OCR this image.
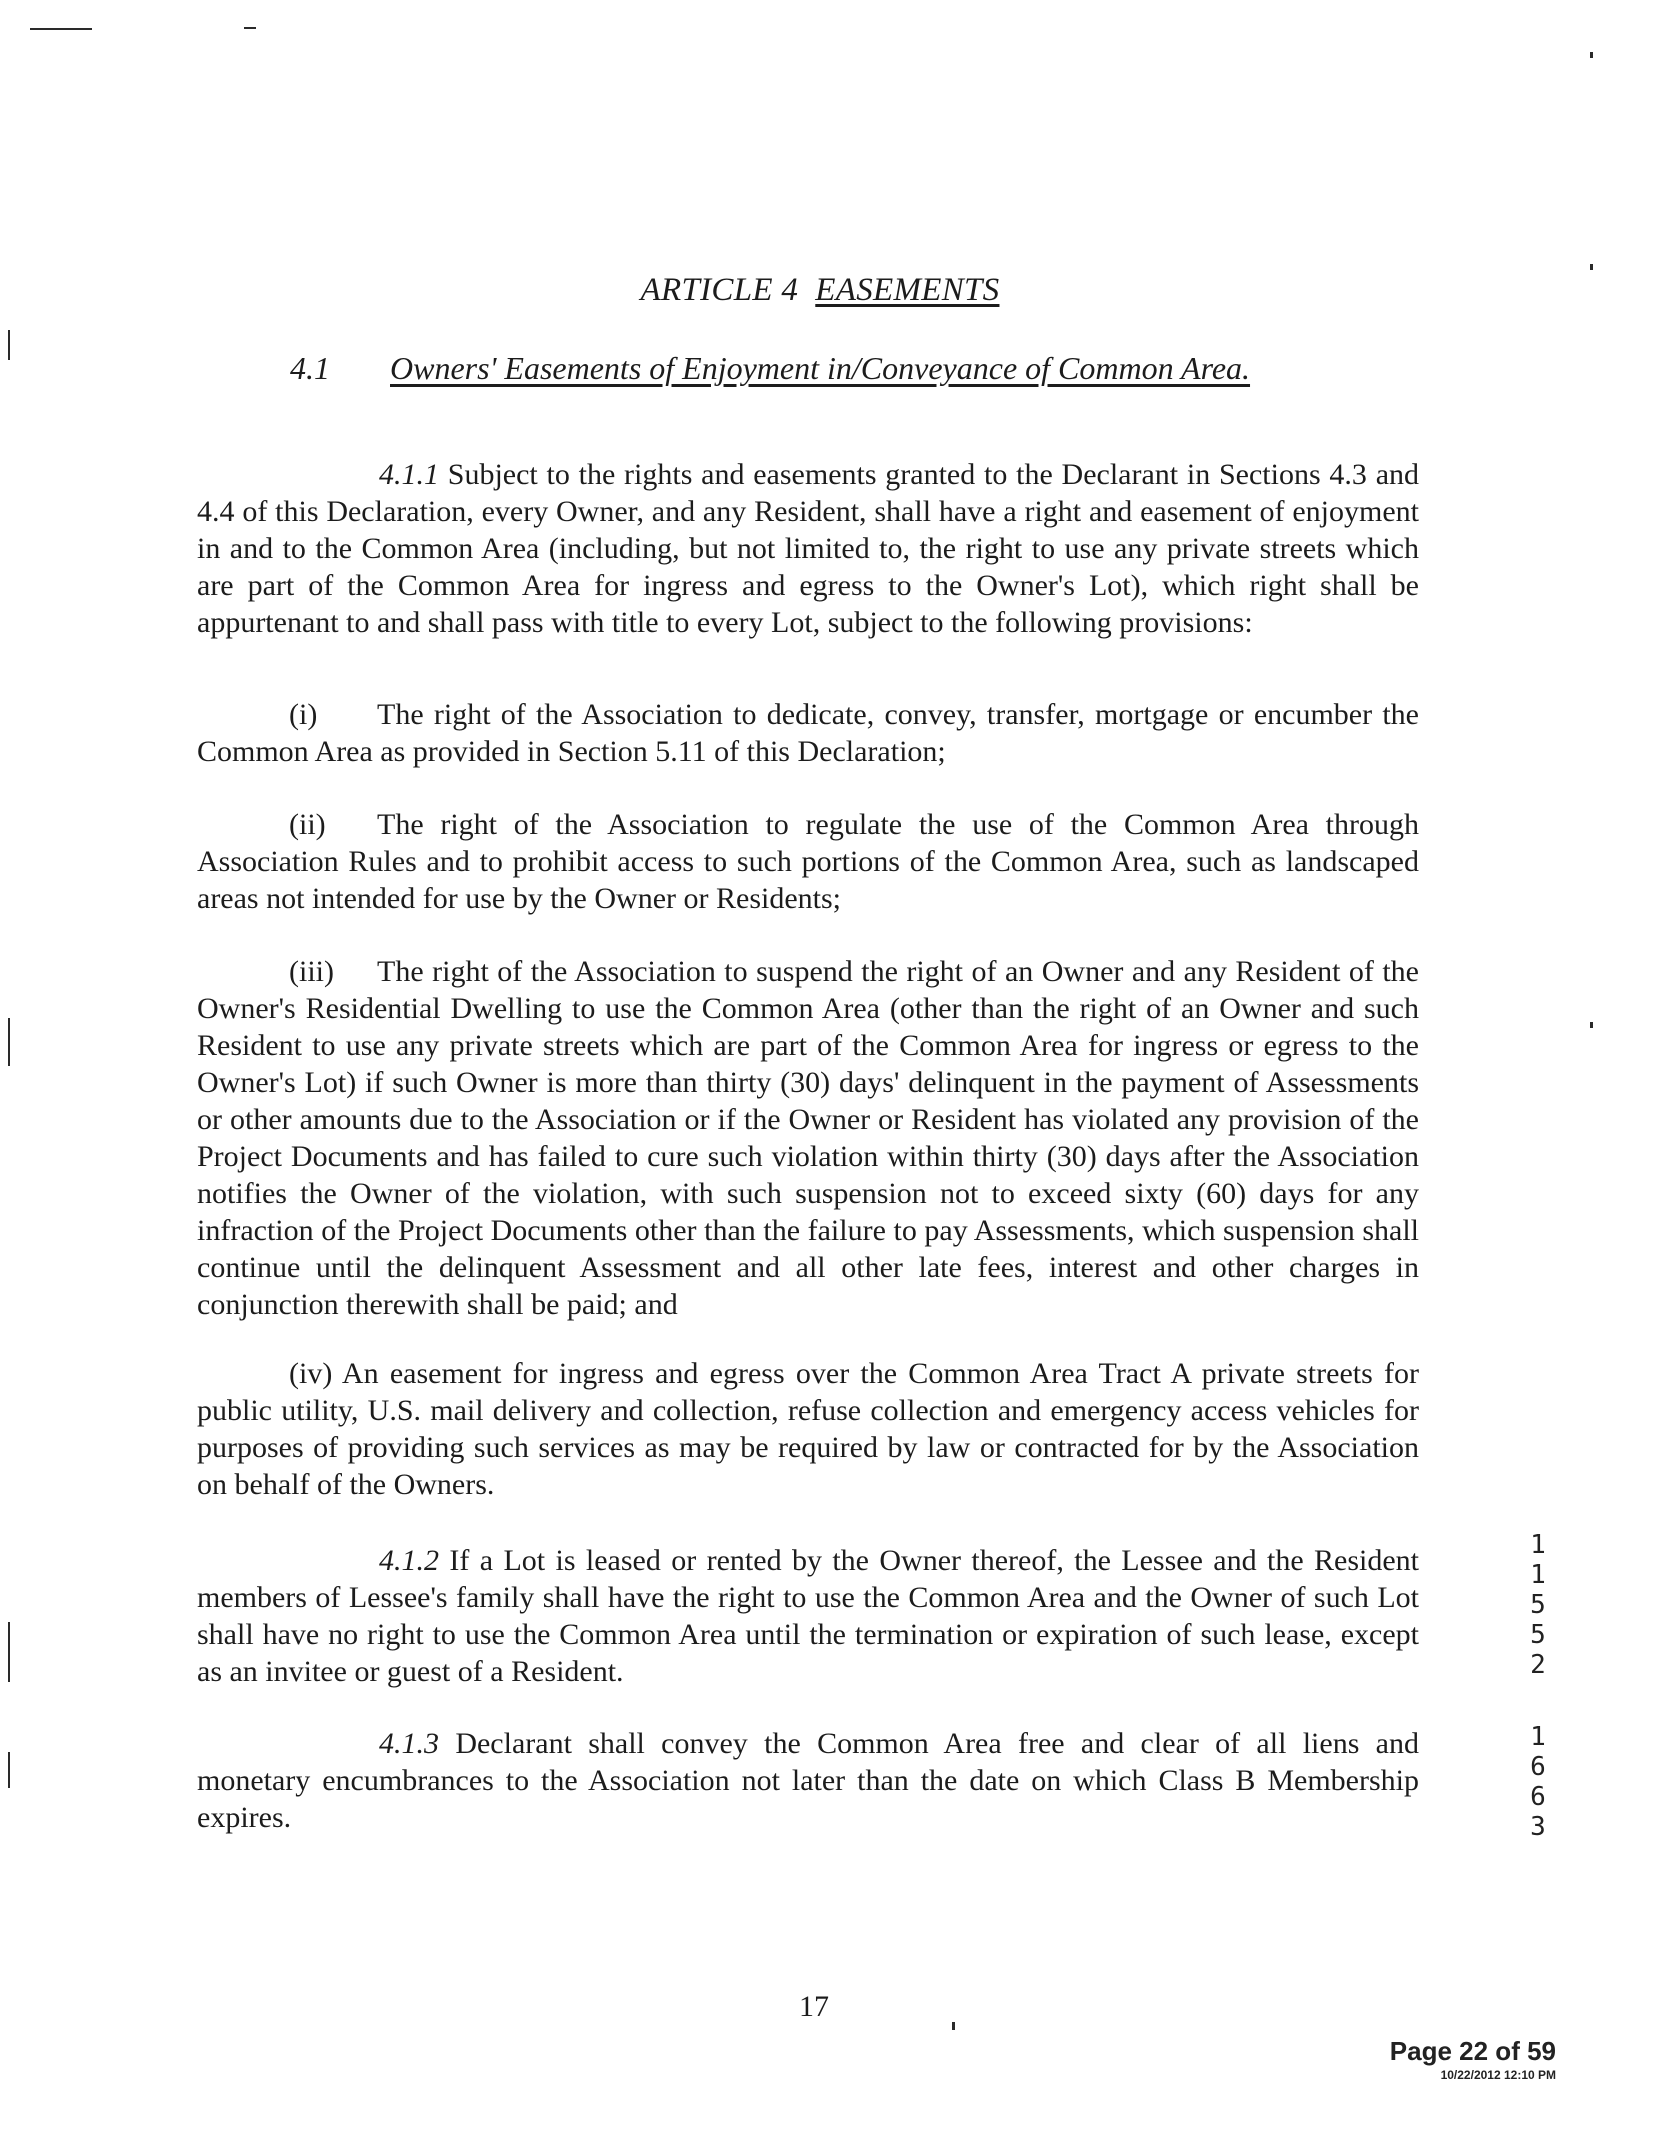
ARTICLE 4 EASEMENTS
4.1 Owners' Easements of Enjoyment in/Conveyance of Common Area.

4.1.1 Subject to the rights and easements granted to the Declarant in Sections 4.3 and 4.4 of this Declaration, every Owner, and any Resident, shall have a right and easement of enjoyment in and to the Common Area (including, but not limited to, the right to use any private streets which are part of the Common Area for ingress and egress to the Owner's Lot), which right shall be appurtenant to and shall pass with title to every Lot, subject to the following provisions:

(i) The right of the Association to dedicate, convey, transfer, mortgage or encumber the Common Area as provided in Section 5.11 of this Declaration;

(ii) The right of the Association to regulate the use of the Common Area through Association Rules and to prohibit access to such portions of the Common Area, such as landscaped areas not intended for use by the Owner or Residents;

(iii) The right of the Association to suspend the right of an Owner and any Resident of the Owner's Residential Dwelling to use the Common Area (other than the right of an Owner and such Resident to use any private streets which are part of the Common Area for ingress or egress to the Owner's Lot) if such Owner is more than thirty (30) days' delinquent in the payment of Assessments or other amounts due to the Association or if the Owner or Resident has violated any provision of the Project Documents and has failed to cure such violation within thirty (30) days after the Association notifies the Owner of the violation, with such suspension not to exceed sixty (60) days for any infraction of the Project Documents other than the failure to pay Assessments, which suspension shall continue until the delinquent Assessment and all other late fees, interest and other charges in conjunction therewith shall be paid; and

(iv) An easement for ingress and egress over the Common Area Tract A private streets for public utility, U.S. mail delivery and collection, refuse collection and emergency access vehicles for purposes of providing such services as may be required by law or contracted for by the Association on behalf of the Owners.

4.1.2 If a Lot is leased or rented by the Owner thereof, the Lessee and the Resident members of Lessee's family shall have the right to use the Common Area and the Owner of such Lot shall have no right to use the Common Area until the termination or expiration of such lease, except as an invitee or guest of a Resident.

4.1.3 Declarant shall convey the Common Area free and clear of all liens and monetary encumbrances to the Association not later than the date on which Class B Membership expires.

11552
1663
17
Page 22 of 59
10/22/2012 12:10 PM
